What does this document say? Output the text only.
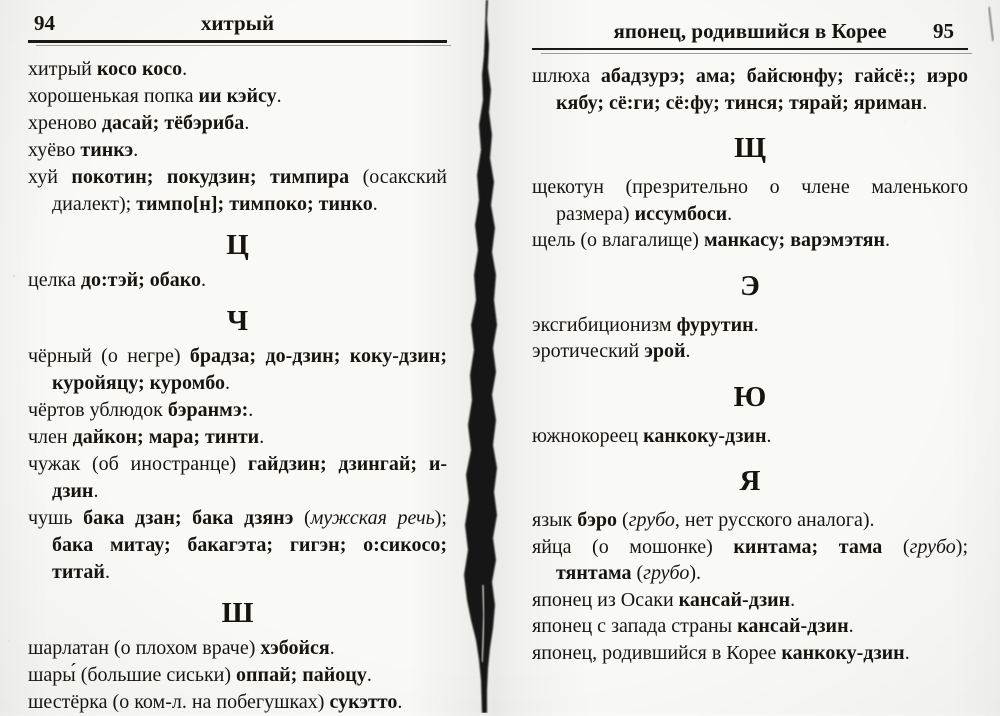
94	хитрый

хитрый косо косо.

хорошенькая попка ии кэйсу.

хреново дасай; тёбэриба.

хуёво тинкэ.

хуй покотин; покудзин; тимпира (осакский диалект); тимпо[н]; тимпоко; тинко.

Ц

целка до:тэй; обако.

Ч

чёрный (о негре) брадза; до-дзин; коку-дзин; куройяцу; куромбо.

чёртов ублюдок бэранмэ:.

член дайкон; мара; тинти.

чужак (об иностранце) гайдзин; дзингай; и-дзин.

чушь бака дзан; бака дзянэ (мужская речь); бака митау; бакагэта; гигэн; о:сикосо; титай.

Ш

шарлатан (о плохом враче) хэбойся.

шары́ (большие сиськи) оппай; пайоцу.

шестёрка (о ком-л. на побегушках) сукэтто.

японец, родившийся в Корее	95

шлюха абадзурэ; ама; байсюнфу; гайсё:; иэро кябу; сё:ги; сё:фу; тинся; тярай; яриман.

Щ

щекотун (презрительно о члене маленького размера) иссумбоси.

щель (о влагалище) манкасу; варэмэтян.

Э

эксгибиционизм фурутин.

эротический эрой.

Ю

южнокореец канкоку-дзин.

Я

язык бэро (грубо, нет русского аналога).

яйца (о мошонке) кинтама; тама (грубо); тянтама (грубо).

японец из Осаки кансай-дзин.

японец с запада страны кансай-дзин.

японец, родившийся в Корее канкоку-дзин.
